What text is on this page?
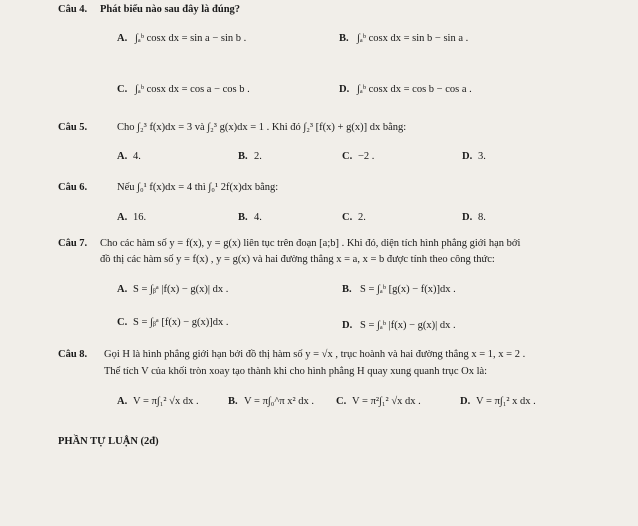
Câu 4. Phát biểu nào sau đây là đúng?
A. ∫ₐᵇ cosx dx = sin a − sin b .	B. ∫ₐᵇ cosx dx = sin b − sin a .
C. ∫ₐᵇ cosx dx = cos a − cos b .	D. ∫ₐᵇ cosx dx = cos b − cos a .
Câu 5.	Cho ∫₂³ f(x)dx = 3 và ∫₂³ g(x)dx = 1 . Khi đó ∫₂³ [f(x) + g(x)] dx bằng:
A. 4.	B. 2.	C. −2 .	D. 3.
Câu 6.	Nếu ∫₀¹ f(x)dx = 4 thì ∫₀¹ 2f(x)dx bằng:
A. 16.	B. 4.	C. 2.	D. 8.
Câu 7. Cho các hàm số y = f(x), y = g(x) liên tục trên đoạn [a;b] . Khi đó, diện tích hình phẳng giới hạn bởi
đồ thị các hàm số y = f(x) , y = g(x) và hai đường thẳng x = a, x = b được tính theo công thức:
A. S = ∫ᵦᵃ |f(x) − g(x)| dx .	B. S = ∫ₐᵇ [g(x) − f(x)]dx .
C. S = ∫ᵦᵃ [f(x) − g(x)]dx .	D. S = ∫ₐᵇ |f(x) − g(x)| dx .
Câu 8. Gọi H là hình phẳng giới hạn bởi đồ thị hàm số y = √x , trục hoành và hai đường thẳng x = 1, x = 2 .
Thể tích V của khối tròn xoay tạo thành khi cho hình phẳng H quay xung quanh trục Ox là:
A. V = π∫₁² √x dx .	B. V = π∫₀^π x² dx . C. V = π²∫₁² √x dx .	D. V = π∫₁² x dx .
PHẦN TỰ LUẬN (2đ)
